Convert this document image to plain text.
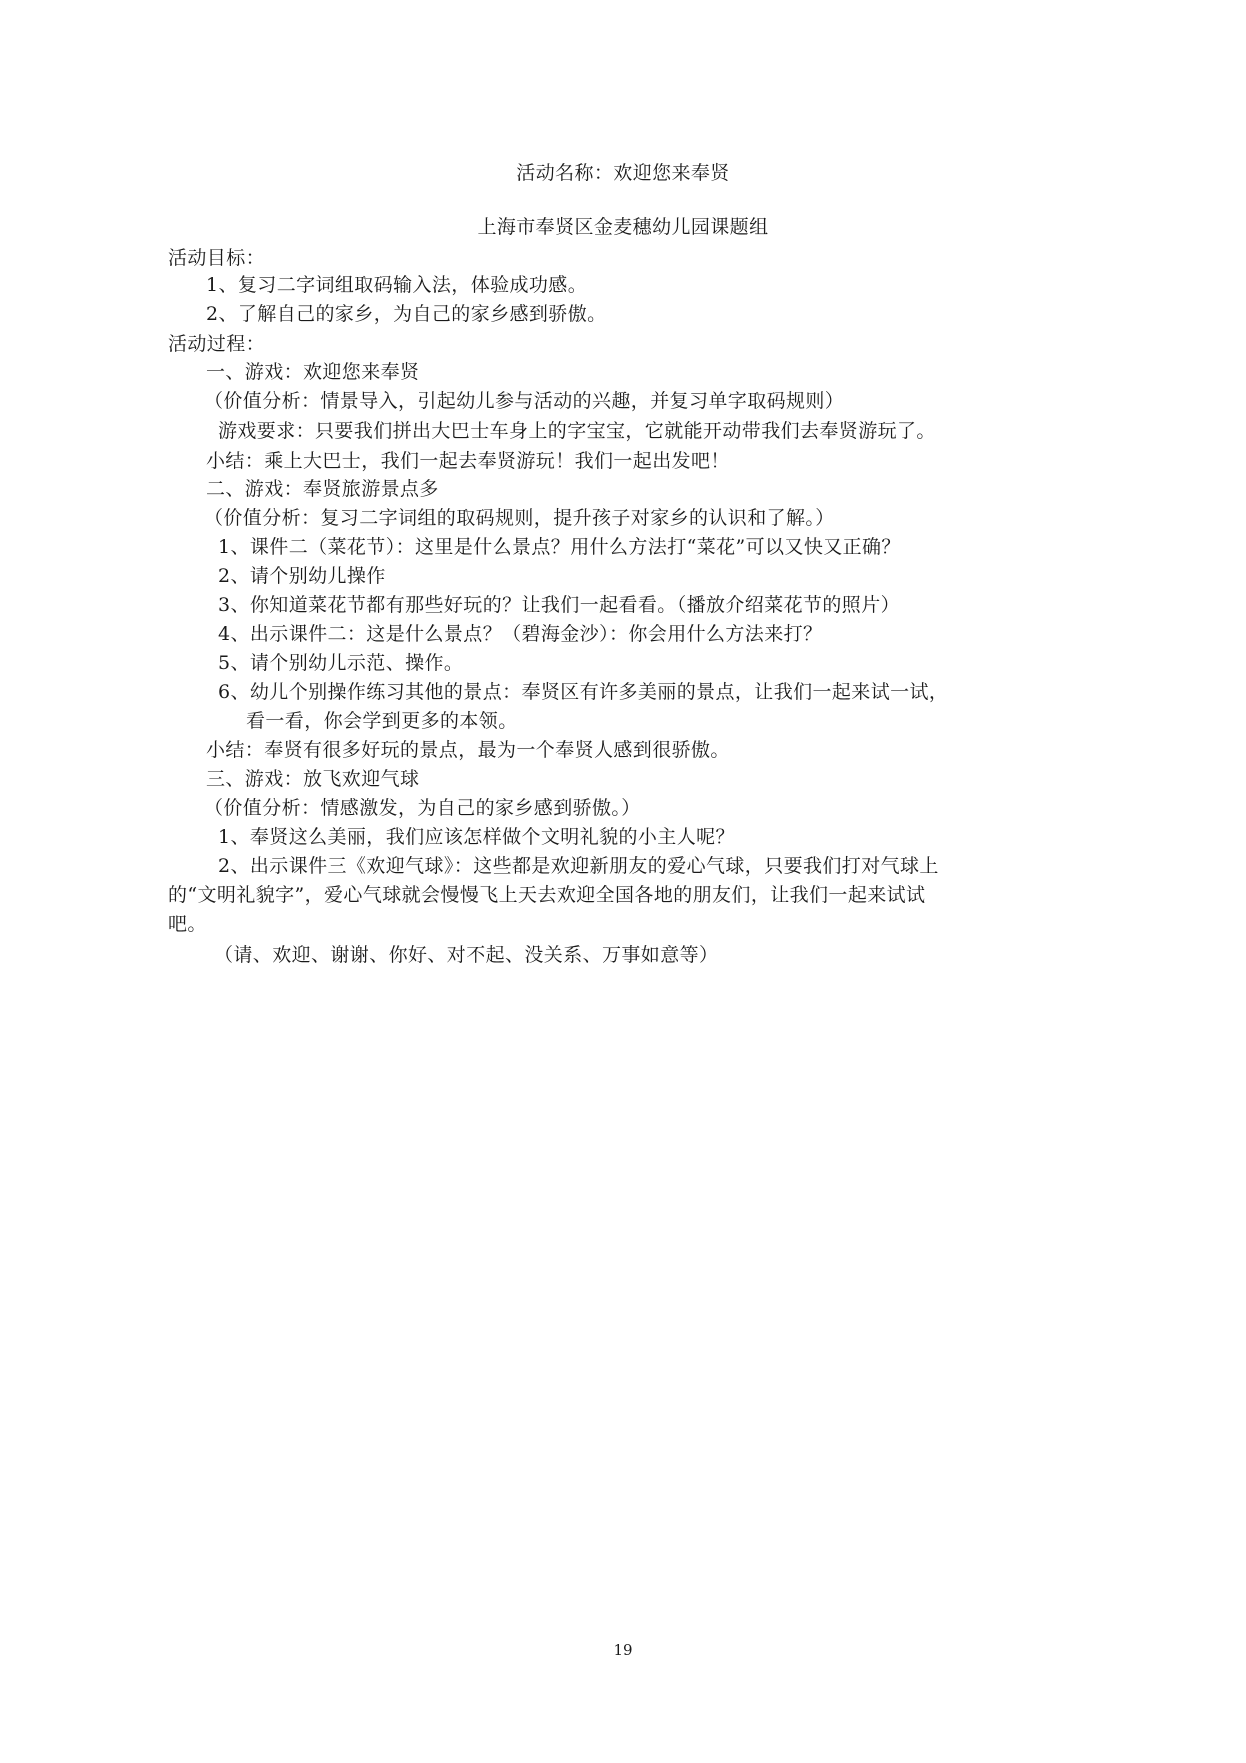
活动名称：欢迎您来奉贤
上海市奉贤区金麦穗幼儿园课题组
活动目标：
1、复习二字词组取码输入法，体验成功感。
2、了解自己的家乡，为自己的家乡感到骄傲。
活动过程：
一、游戏：欢迎您来奉贤
（价值分析：情景导入，引起幼儿参与活动的兴趣，并复习单字取码规则）
游戏要求：只要我们拼出大巴士车身上的字宝宝，它就能开动带我们去奉贤游玩了。
小结：乘上大巴士，我们一起去奉贤游玩！我们一起出发吧！
二、游戏：奉贤旅游景点多
（价值分析：复习二字词组的取码规则，提升孩子对家乡的认识和了解。）
1、课件二（菜花节）：这里是什么景点？用什么方法打“菜花”可以又快又正确？
2、请个别幼儿操作
3、你知道菜花节都有那些好玩的？让我们一起看看。（播放介绍菜花节的照片）
4、出示课件二：这是什么景点？（碧海金沙）：你会用什么方法来打？
5、请个别幼儿示范、操作。
6、幼儿个别操作练习其他的景点：奉贤区有许多美丽的景点，让我们一起来试一试，
看一看，你会学到更多的本领。
小结：奉贤有很多好玩的景点，最为一个奉贤人感到很骄傲。
三、游戏：放飞欢迎气球
（价值分析：情感激发，为自己的家乡感到骄傲。）
1、奉贤这么美丽，我们应该怎样做个文明礼貌的小主人呢？
2、出示课件三《欢迎气球》：这些都是欢迎新朋友的爱心气球，只要我们打对气球上
的“文明礼貌字”，爱心气球就会慢慢飞上天去欢迎全国各地的朋友们，让我们一起来试试
吧。
（请、欢迎、谢谢、你好、对不起、没关系、万事如意等）
19
